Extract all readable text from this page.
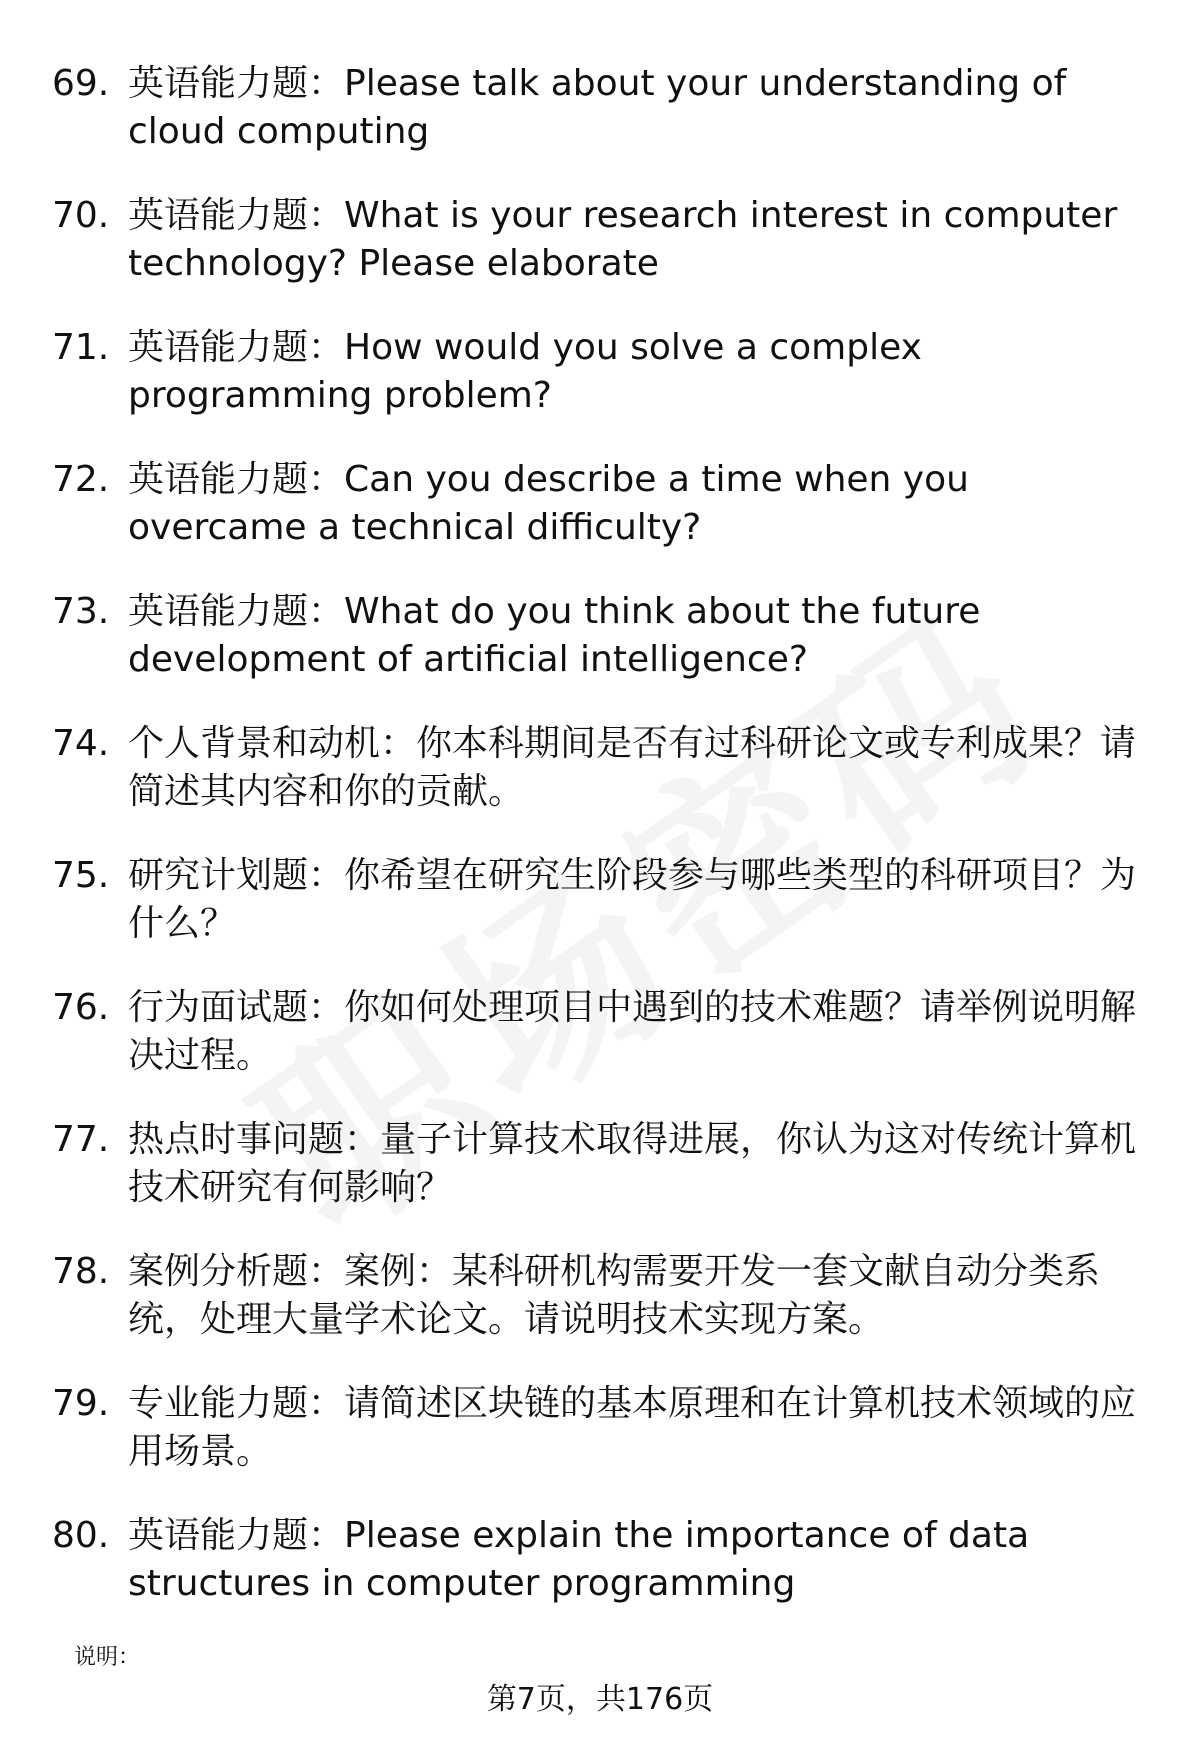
69. 英语能力题：Please talk about your understanding of cloud computing
70. 英语能力题：What is your research interest in computer technology? Please elaborate
71. 英语能力题：How would you solve a complex programming problem?
72. 英语能力题：Can you describe a time when you overcame a technical difficulty?
73. 英语能力题：What do you think about the future development of artificial intelligence?
74. 个人背景和动机：你本科期间是否有过科研论文或专利成果？请简述其内容和你的贡献。
75. 研究计划题：你希望在研究生阶段参与哪些类型的科研项目？为什么？
76. 行为面试题：你如何处理项目中遇到的技术难题？请举例说明解决过程。
77. 热点时事问题：量子计算技术取得进展，你认为这对传统计算机技术研究有何影响？
78. 案例分析题：案例：某科研机构需要开发一套文献自动分类系统，处理大量学术论文。请说明技术实现方案。
79. 专业能力题：请简述区块链的基本原理和在计算机技术领域的应用场景。
80. 英语能力题：Please explain the importance of data structures in computer programming
说明：
第7页，共176页
